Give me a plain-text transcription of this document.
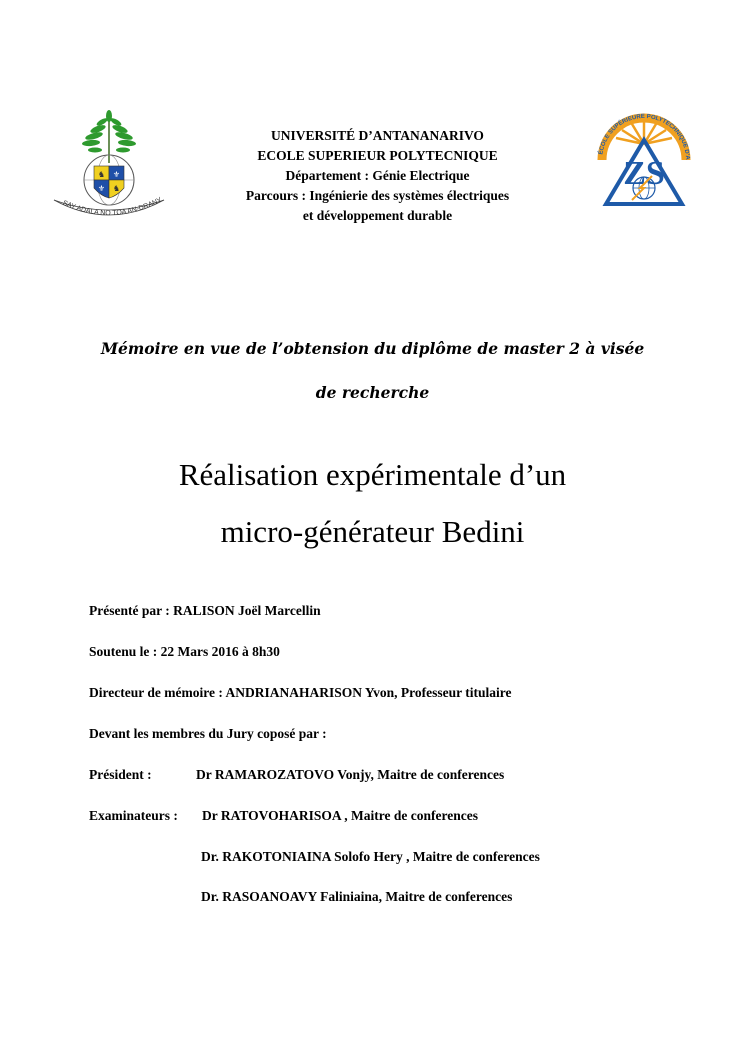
♞ ⚜
⚜ ♞
SAY ADALA NO TOA AN-DRANY
UNIVERSITÉ D’ANTANANARIVO
ECOLE SUPERIEUR POLYTECNIQUE
Département : Génie Electrique
Parcours : Ingénierie des systèmes électriques
et développement durable
ÉCOLE SUPÉRIEURE POLYTECHNIQUE D'A
ZS
Mémoire en vue de l’obtension du diplôme de master 2 à visée
de recherche
Réalisation expérimentale d’un
micro-générateur Bedini
Présenté par : RALISON Joël Marcellin
Soutenu le : 22 Mars 2016 à 8h30
Directeur de mémoire : ANDRIANAHARISON Yvon, Professeur titulaire
Devant les membres du Jury coposé par :
Président :	Dr RAMAROZATOVO Vonjy, Maitre de conferences
Examinateurs : Dr RATOVOHARISOA , Maitre de conferences
Dr. RAKOTONIAINA Solofo Hery , Maitre de conferences
Dr. RASOANOAVY Faliniaina, Maitre de conferences
